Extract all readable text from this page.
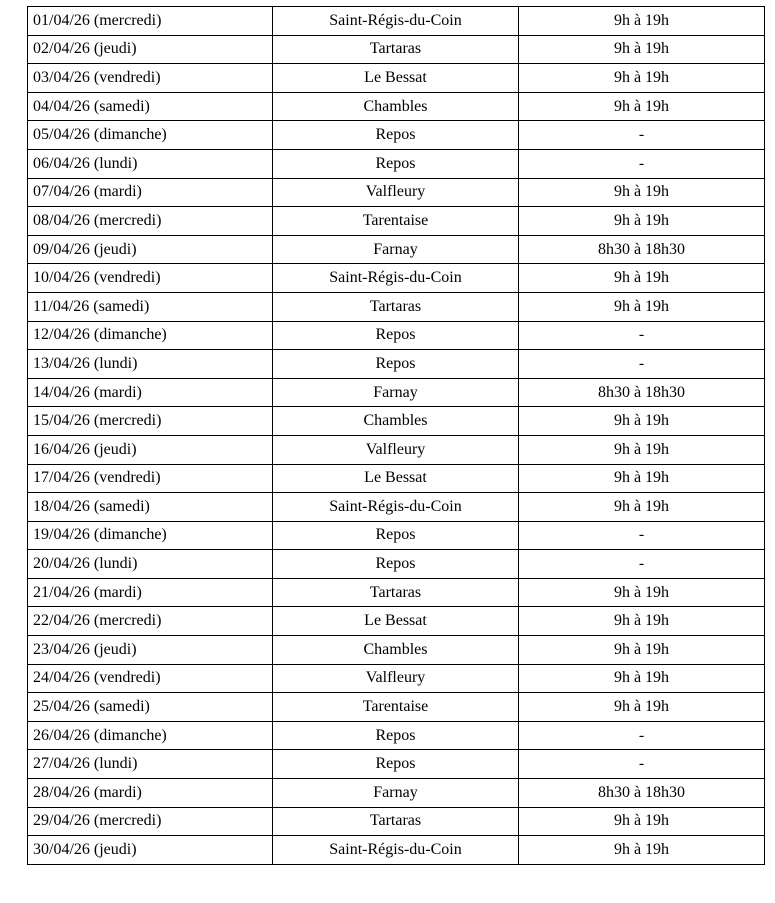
01/04/26 (mercredi)	Saint-Régis-du-Coin	9h à 19h
02/04/26 (jeudi)	Tartaras	9h à 19h
03/04/26 (vendredi)	Le Bessat	9h à 19h
04/04/26 (samedi)	Chambles	9h à 19h
05/04/26 (dimanche)	Repos	-
06/04/26 (lundi)	Repos	-
07/04/26 (mardi)	Valfleury	9h à 19h
08/04/26 (mercredi)	Tarentaise	9h à 19h
09/04/26 (jeudi)	Farnay	8h30 à 18h30
10/04/26 (vendredi)	Saint-Régis-du-Coin	9h à 19h
11/04/26 (samedi)	Tartaras	9h à 19h
12/04/26 (dimanche)	Repos	-
13/04/26 (lundi)	Repos	-
14/04/26 (mardi)	Farnay	8h30 à 18h30
15/04/26 (mercredi)	Chambles	9h à 19h
16/04/26 (jeudi)	Valfleury	9h à 19h
17/04/26 (vendredi)	Le Bessat	9h à 19h
18/04/26 (samedi)	Saint-Régis-du-Coin	9h à 19h
19/04/26 (dimanche)	Repos	-
20/04/26 (lundi)	Repos	-
21/04/26 (mardi)	Tartaras	9h à 19h
22/04/26 (mercredi)	Le Bessat	9h à 19h
23/04/26 (jeudi)	Chambles	9h à 19h
24/04/26 (vendredi)	Valfleury	9h à 19h
25/04/26 (samedi)	Tarentaise	9h à 19h
26/04/26 (dimanche)	Repos	-
27/04/26 (lundi)	Repos	-
28/04/26 (mardi)	Farnay	8h30 à 18h30
29/04/26 (mercredi)	Tartaras	9h à 19h
30/04/26 (jeudi)	Saint-Régis-du-Coin	9h à 19h
